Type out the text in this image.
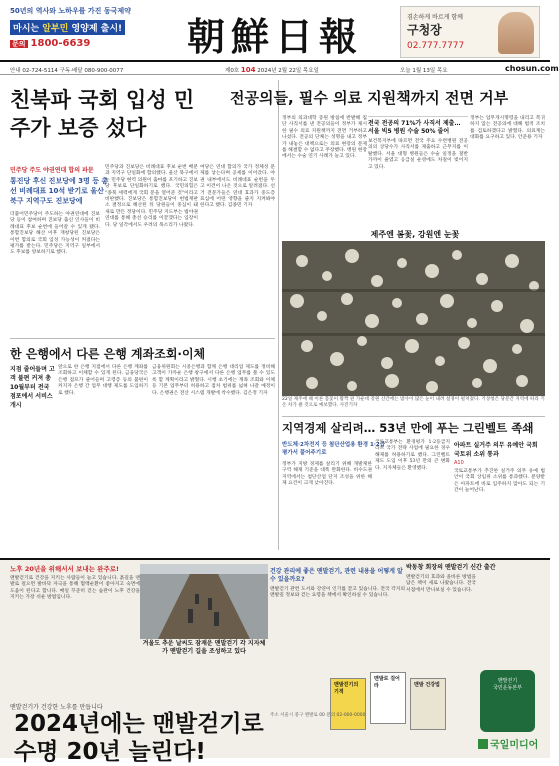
50년의 역사와 노하우를 가진 동국제약
마시는 알부민 영양제 출시!
문의 1800-6639	朝鮮日報	겸손하게 바르게 함께
구청장
02.777.7777
안내 02-724-5114 구독·배달 080-900-0077	제0호 104 2024년 2월 22일 목요일	오늘 1월 13일 목요	chosun.com
친북파 국회 입성 민주가 보증 섰다
민주당 주도 야권연대 합의 파문
통진당 후신 진보당에 3명 등 총선 비례대표 10석 받기로 울산 북구 지역구도 진보당에
더불어민주당이 주도하는 야권연대에 진보당 등이 참여하며 진보당 출신 인사들이 비례대표 후보 순번에 들어갈 수 있게 됐다. 통합진보당 해산 이후 재창당된 진보당은 이번 합의로 국회 입성 가능성이 커졌다는 평가를 받는다. 민주당은 지역구 일부에서도 후보를 양보하기로 했다.
민주당과 진보당은 비례대표 후보 순번 배분과 지역구 단일화에 합의했다. 울산 북구에서는 민주당 현역 의원이 출마를 포기하고 진보당 후보로 단일화하기로 했다. 국민의힘은 "종북 세력에게 국회 문을 열어준 것"이라고 비판했다. 진보당은 통합진보당이 헌법재판소 결정으로 해산된 뒤 당원들이 중심이 돼 새로 만든 정당이다. 민주당 지도부는 범야권 연대를 통해 총선 승리를 이끌겠다는 입장이다. 당 일각에서도 우려의 목소리가 나왔다.
여당은 연대 합의가 국가 정체성 문제를 낳는다며 공세를 이어갔다. 야권 내부에서도 비례대표 순번을 두고 이견이 나온 것으로 알려졌다. 선거 전문가들은 연대 효과가 중도층 표심에 어떤 영향을 줄지 지켜봐야 한다고 했다. 김종민 기자
전공의들, 필수 의료 지원책까지 전면 거부
정부의 의과대학 증원 방침에 반발해 집단 사직서를 낸 전공의들이 정부가 제시한 필수 의료 지원책까지 전면 거부하고 나섰다. 전공의 단체는 성명을 내고 정부가 내놓은 대책으로는 의료 현장의 문제를 해결할 수 없다고 주장했다. 병원 현장에서는 수술 연기 사례가 늘고 있다.
전국 전공의 71%가 사직서 제출… 서울 빅5 병원 수술 50% 줄어
보건복지부에 따르면 전국 주요 수련병원 전공의의 상당수가 사직서를 제출하고 근무지를 이탈했다. 서울 대형 병원들은 수술 일정을 절반 가까이 줄였고 응급실 운영에도 차질이 빚어지고 있다.
정부는 업무개시명령을 내리고 복귀하지 않는 전공의에 대해 법적 조치를 검토하겠다고 밝혔다. 의료계는 대화를 요구하고 있다. 안준용 기자
제주엔 봄꽃, 강원엔 눈꽃
22일 제주에 때 이른 봄꽃이 활짝 핀 가운데 강원 산간에는 밤사이 많은 눈이 내려 설경이 펼쳐졌다. 기상청은 당분간 지역에 따라 기온 차가 클 것으로 예보했다. 사진기자
한 은행에서 다른 은행 계좌조회·이체
지점 줄어들며 고객 불편 커져 총 10월부터 전국 점포에서 서비스 개시
앞으로 한 은행 지점에서 다른 은행 계좌를 조회하고 이체할 수 있게 된다. 금융당국은 은행 점포가 줄어들며 고령층 등의 불편이 커지자 은행 간 업무 대행 제도를 도입하기로 했다.
금융위원회는 시중은행과 함께 은행 대리업 제도를 정비해 고객이 가까운 은행 창구에서 다른 은행 업무를 볼 수 있도록 할 계획이라고 밝혔다. 시행 초기에는 계좌 조회와 이체 등 기본 업무부터 허용하고 점차 범위를 넓혀 나갈 예정이다. 은행권은 전산 시스템 개발에 착수했다. 김은정 기자
지역경제 살리려… 53년 만에 푸는 그린벨트 족쇄
반도체·2차전지 등 첨단산업용 환경 1·2급 평가서 풀어주기로
정부가 지방 경제를 살리기 위해 개발제한구역 해제 기준을 대폭 완화한다. 비수도권 지역에서는 첨단산업 단지 조성을 위한 해제 요건이 크게 낮아진다.
국토교통부는 환경평가 1·2등급지라도 국가 전략 사업에 필요한 경우 해제를 허용하기로 했다. 그린벨트 제도 도입 이후 53년 만의 큰 변화다. 지자체들은 환영했다.
아파트 실거주 의무 유예안 국회 국토위 소위 통과
A10
국토교통부가 추진한 실거주 의무 유예 법안이 국회 상임위 소위를 통과했다. 분양받은 아파트에 바로 입주하지 않아도 되는 기간이 늘어난다.
노후 20년을 위해서서 보내는 완주로!
맨발걷기로 건강을 지키는 사람들이 늘고 있습니다. 흙길을 맨발로 걸으면 발바닥 자극을 통해 혈액순환이 좋아지고 숙면에 도움이 된다고 합니다. 매일 꾸준히 걷는 습관이 노후 건강을 지키는 가장 쉬운 방법입니다.
겨울도 추운 날씨도 잠재운 맨발걷기 각 지자체가 맨발걷기 길을 조성하고 있다
건강 관리에 좋은 맨발걷기, 관련 내용을 어떻게 알 수 있을까요?
맨발걷기 관련 도서와 강연이 인기를 끌고 있습니다. 전국 각지의 맨발길 정보와 걷는 요령을 책에서 확인하실 수 있습니다.
박동창 회장의 맨발걷기 신간 출간
맨발걷기의 효과와 올바른 방법을 담은 책이 새로 나왔습니다. 전국 서점에서 만나보실 수 있습니다.
맨발걷기의 기적
맨발로 걸어라	맨발 건강법
맨발걷기
국민운동본부
맨발걷기가 건강한 노후를 만듭니다
2024년에는 맨발걷기로
수명 20년 늘린다!
주소 서울시 중구 맨발로 00 문의 02-000-0000
국일미디어
